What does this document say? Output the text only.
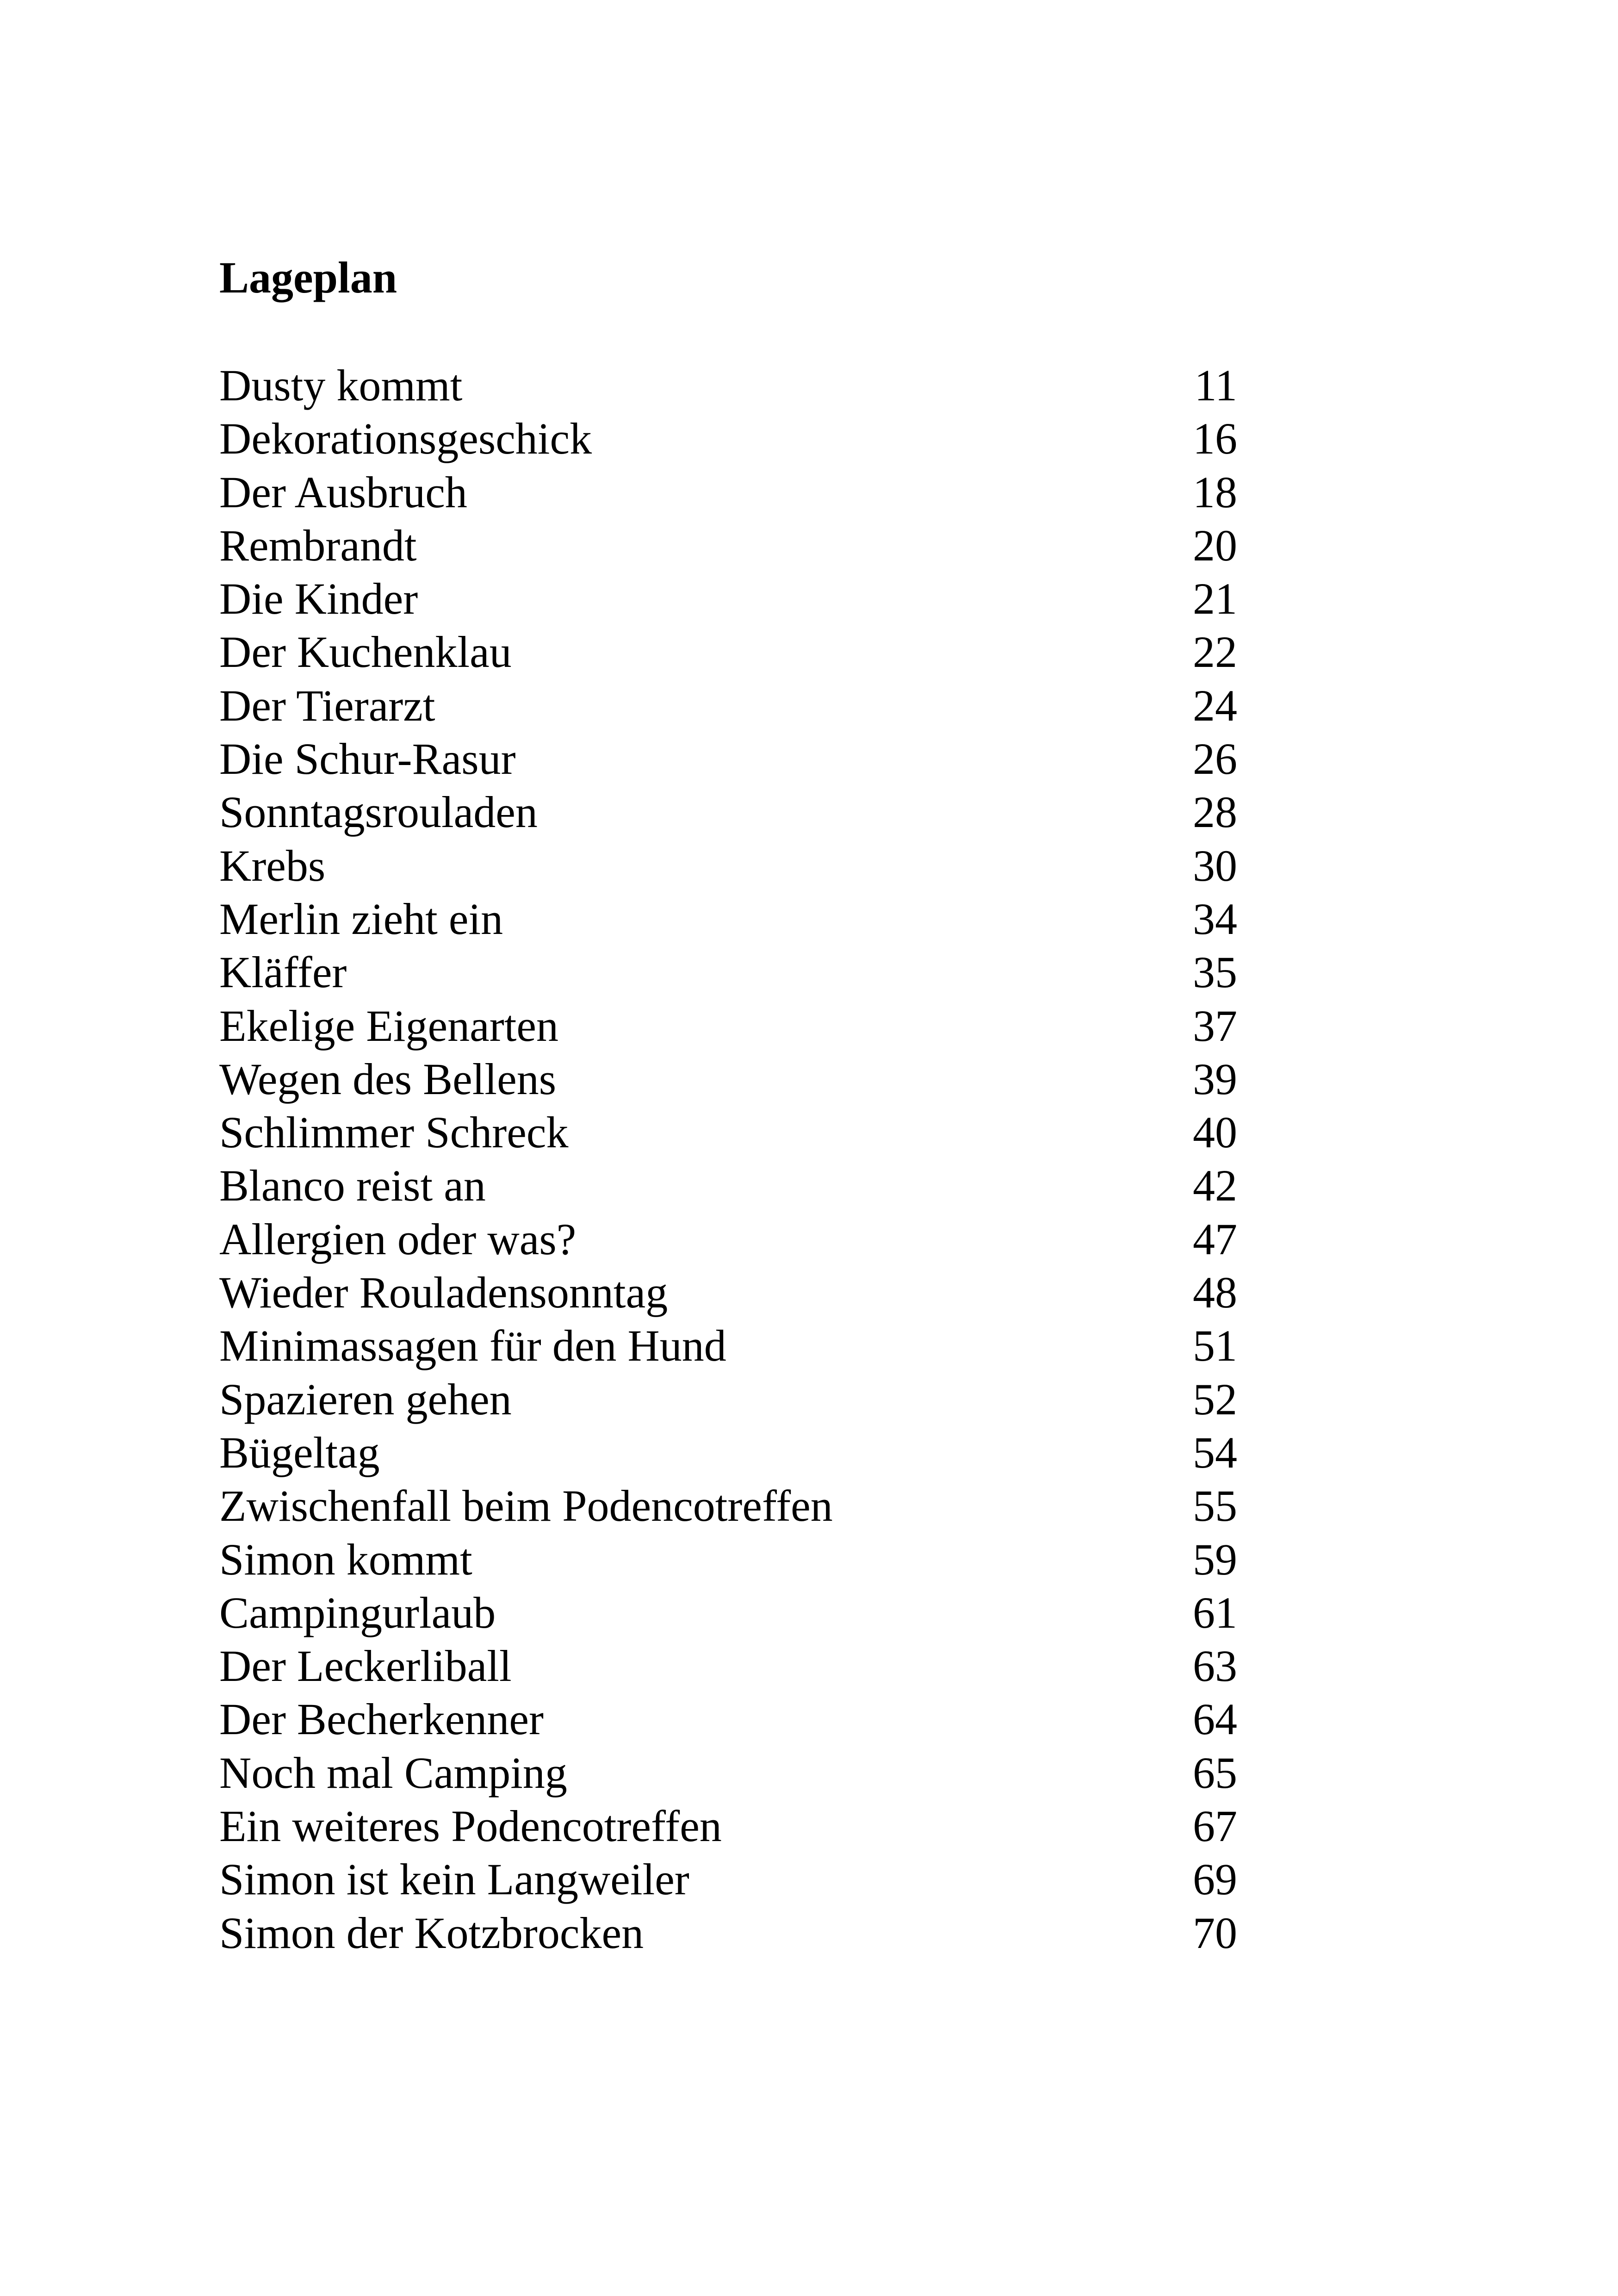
Lageplan
Dusty kommt	11
Dekorationsgeschick	16
Der Ausbruch	18
Rembrandt	20
Die Kinder	21
Der Kuchenklau	22
Der Tierarzt	24
Die Schur-Rasur	26
Sonntagsrouladen	28
Krebs	30
Merlin zieht ein	34
Kläffer	35
Ekelige Eigenarten	37
Wegen des Bellens	39
Schlimmer Schreck	40
Blanco reist an	42
Allergien oder was?	47
Wieder Rouladensonntag	48
Minimassagen für den Hund	51
Spazieren gehen	52
Bügeltag	54
Zwischenfall beim Podencotreffen	55
Simon kommt	59
Campingurlaub	61
Der Leckerliball	63
Der Becherkenner	64
Noch mal Camping	65
Ein weiteres Podencotreffen	67
Simon ist kein Langweiler	69
Simon der Kotzbrocken	70
